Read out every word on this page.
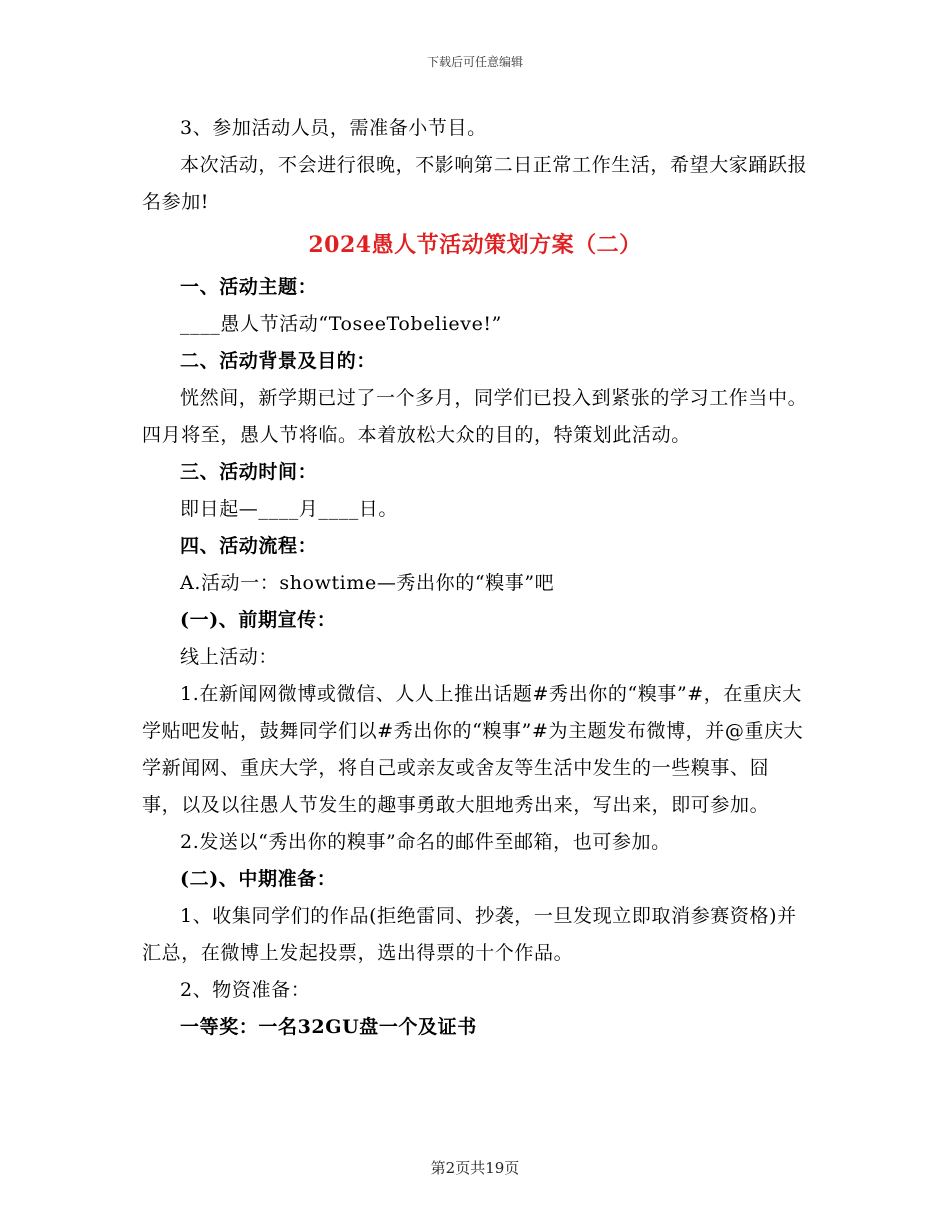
下载后可任意编辑

3、参加活动人员，需准备小节目。

本次活动，不会进行很晚，不影响第二日正常工作生活，希望大家踊跃报名参加!

2024愚人节活动策划方案（二）

一、活动主题：

____愚人节活动“ToseeTobelieve!”

二、活动背景及目的：

恍然间，新学期已过了一个多月，同学们已投入到紧张的学习工作当中。四月将至，愚人节将临。本着放松大众的目的，特策划此活动。

三、活动时间：

即日起—____月____日。

四、活动流程：

A.活动一：showtime—秀出你的“糗事”吧

(一)、前期宣传：

线上活动：

1.在新闻网微博或微信、人人上推出话题#秀出你的“糗事”#，在重庆大学贴吧发帖，鼓舞同学们以#秀出你的“糗事”#为主题发布微博，并@重庆大学新闻网、重庆大学，将自己或亲友或舍友等生活中发生的一些糗事、囧事，以及以往愚人节发生的趣事勇敢大胆地秀出来，写出来，即可参加。

2.发送以“秀出你的糗事”命名的邮件至邮箱，也可参加。

(二)、中期准备：

1、收集同学们的作品(拒绝雷同、抄袭，一旦发现立即取消参赛资格)并汇总，在微博上发起投票，选出得票的十个作品。

2、物资准备：

一等奖：一名32GU盘一个及证书

第2页共19页
